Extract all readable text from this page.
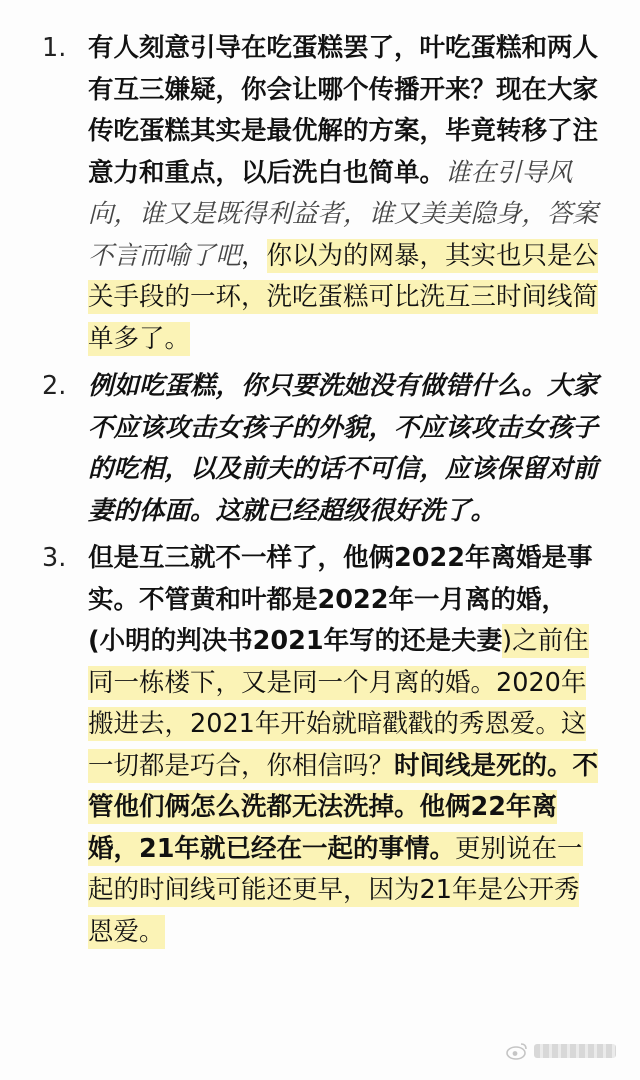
1. 有人刻意引导在吃蛋糕罢了，叶吃蛋糕和两人有互三嫌疑，你会让哪个传播开来？现在大家传吃蛋糕其实是最优解的方案，毕竟转移了注意力和重点，以后洗白也简单。谁在引导风向，谁又是既得利益者，谁又美美隐身，答案不言而喻了吧，你以为的网暴，其实也只是公关手段的一环，洗吃蛋糕可比洗互三时间线简单多了。
2. 例如吃蛋糕，你只要洗她没有做错什么。大家不应该攻击女孩子的外貌，不应该攻击女孩子的吃相，以及前夫的话不可信，应该保留对前妻的体面。这就已经超级很好洗了。
3. 但是互三就不一样了，他俩2022年离婚是事实。不管黄和叶都是2022年一月离的婚，(小明的判决书2021年写的还是夫妻)之前住同一栋楼下，又是同一个月离的婚。2020年搬进去，2021年开始就暗戳戳的秀恩爱。这一切都是巧合，你相信吗？时间线是死的。不管他们俩怎么洗都无法洗掉。他俩22年离婚，21年就已经在一起的事情。更别说在一起的时间线可能还更早，因为21年是公开秀恩爱。
